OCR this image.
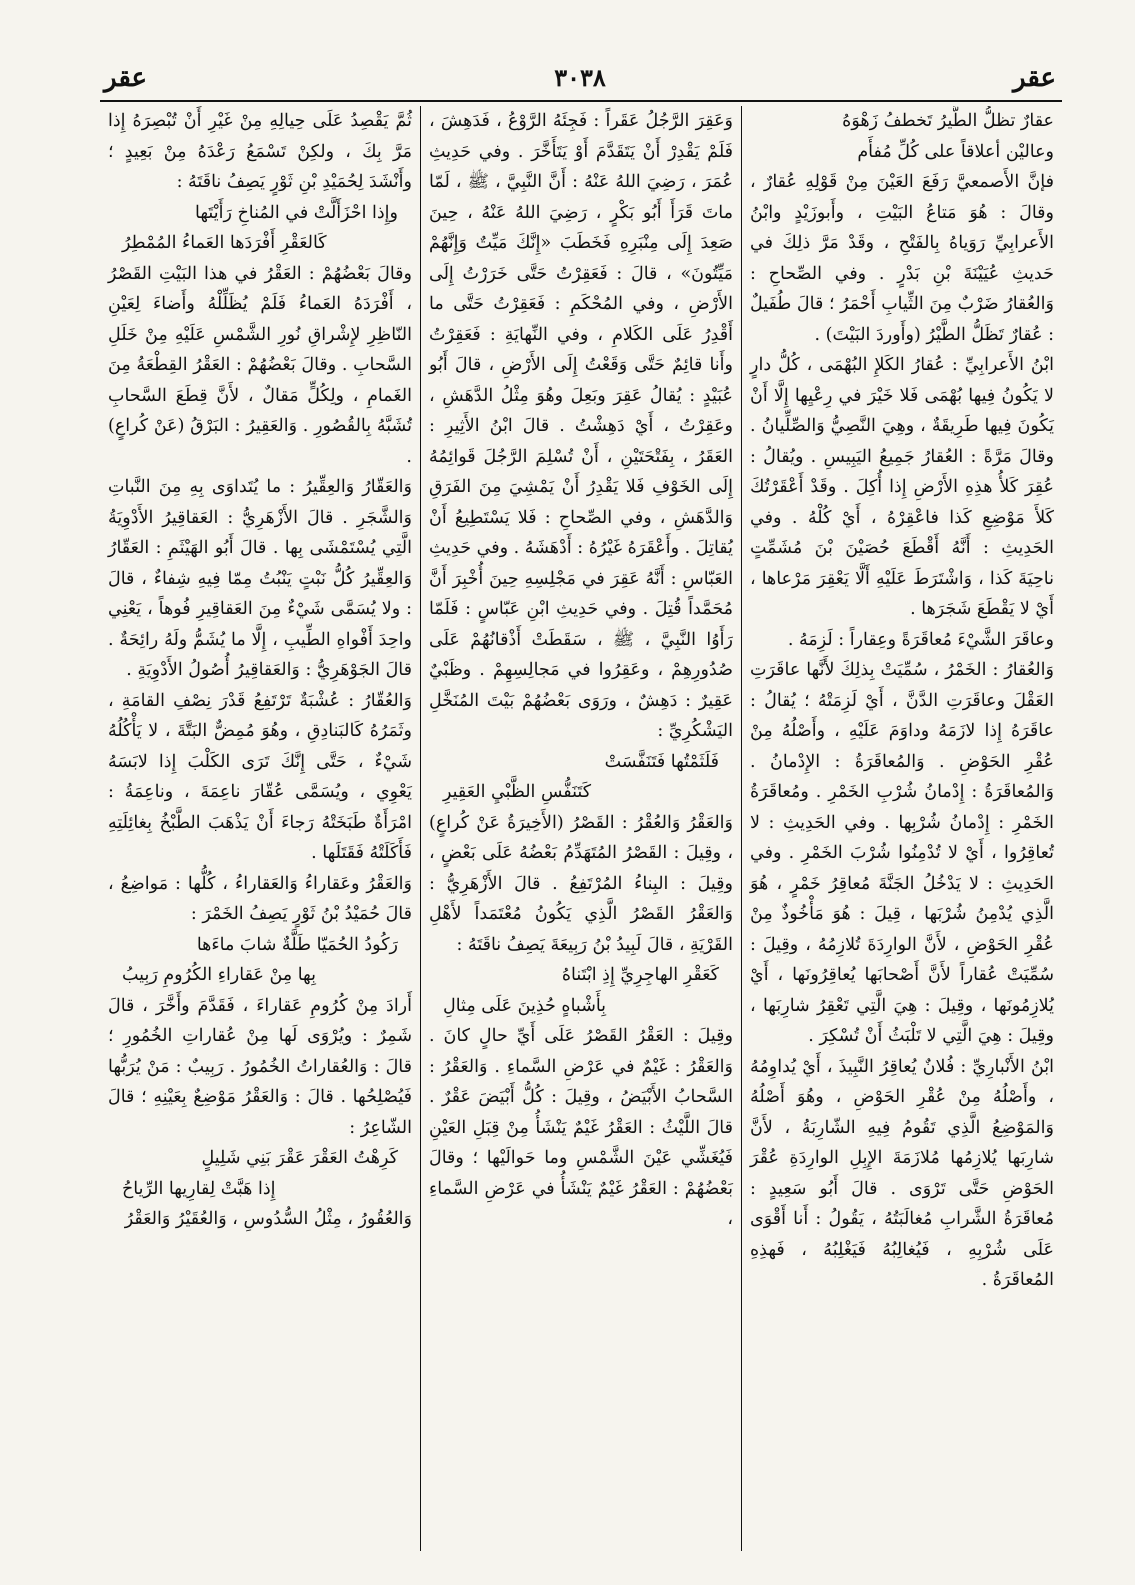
عقر
٣٠٣٨
عقر

عقارٌ تظلُّ الطَّيرُ تَخطفُ زَهْوَهُ

وعاليْن أعلاقاً على كُلِّ مُفأَم

فإنَّ الأَصمعيَّ رَفَعَ العَيْنَ مِنْ قَوْلِهِ عُقارٌ ، وقالَ : هُوَ مَتاعُ البَيْتِ ، وأَبوزَيْدٍ وابْنُ الأَعرابِيِّ رَوَياهُ بِالفَتْحِ ، وقَدْ مَرَّ ذلِكَ في حَديثِ عُيَيْنَةَ بْنِ بَدْرٍ . وفي الصِّحاحِ : وَالعُقارُ ضَرْبٌ مِنَ الثِّيابِ أَحْمَرُ ؛ قالَ طُفَيلٌ : عُقارٌ تَظَلُّ الطَّيْرُ (وأَوردَ البَيْتَ) .

ابْنُ الأَعرابِيِّ : عُقارُ الكَلإِ البُهْمَى ، كُلُّ دارٍ لا يَكُونُ فِيها بُهْمَى فَلا خَيْرَ في رِعْيِها إِلَّا أَنْ يَكُونَ فِيها طَرِيقَةٌ ، وهِيَ النَّصِيُّ وَالصِّلِّيانُ . وقالَ مَرَّةً : العُقارُ جَمِيعُ اليَبِيسِ . ويُقالُ : عُقِرَ كَلأُ هذِهِ الأَرْضِ إِذا أُكِلَ . وقَدْ أَعْقَرْتُكَ كَلأَ مَوْضِعِ كَذا فاعْقِرْهُ ، أَيْ كُلْهُ . وفي الحَدِيثِ : أَنَّهُ أَقْطَعَ حُصَيْنَ بْنَ مُشَمِّتٍ ناحِيَةَ كَذا ، وَاشْتَرَطَ عَلَيْهِ أَلَّا يَعْقِرَ مَرْعاها ، أَيْ لا يَقْطَعَ شَجَرَها .

وعاقَرَ الشَّيْءَ مُعاقَرَةً وعِقاراً : لَزِمَهُ .

وَالعُقارُ : الخَمْرُ ، سُمِّيَتْ بِذلِكَ لأَنَّها عاقَرَتِ العَقْلَ وعاقَرَتِ الدَّنَّ ، أَيْ لَزِمَتْهُ ؛ يُقالُ : عاقَرَهُ إِذا لازَمَهُ وداوَمَ عَلَيْهِ ، وأَصْلُهُ مِنْ عُقْرِ الحَوْضِ . وَالمُعاقَرَةُ : الإِدْمانُ . وَالمُعاقَرَةُ : إِدْمانُ شُرْبِ الخَمْرِ . ومُعاقَرَةُ الخَمْرِ : إِدْمانُ شُرْبِها . وفي الحَدِيثِ : لا تُعاقِرُوا ، أَيْ لا تُدْمِنُوا شُرْبَ الخَمْرِ . وفي الحَدِيثِ : لا يَدْخُلُ الجَنَّةَ مُعاقِرُ خَمْرٍ ، هُوَ الَّذِي يُدْمِنُ شُرْبَها ، قِيلَ : هُوَ مَأْخُوذٌ مِنْ عُقْرِ الحَوْضِ ، لأَنَّ الوارِدَةَ تُلازِمُهُ ، وقِيلَ : سُمِّيَتْ عُقاراً لأَنَّ أَصْحابَها يُعاقِرُونَها ، أَيْ يُلازِمُونَها ، وقِيلَ : هِيَ الَّتِي تَعْقِرُ شارِبَها ، وقِيلَ : هِيَ الَّتِي لا تَلْبَثُ أَنْ تُسْكِرَ .

ابْنُ الأَنْبارِيِّ : فُلانٌ يُعاقِرُ النَّبِيذَ ، أَيْ يُداوِمُهُ ، وأَصْلُهُ مِنْ عُقْرِ الحَوْضِ ، وهُوَ أَصْلُهُ وَالمَوْضِعُ الَّذِي تَقُومُ فِيهِ الشّارِبَةُ ، لأَنَّ شارِبَها يُلازِمُها مُلازَمَةَ الإِبِلِ الوارِدَةِ عُقْرَ الحَوْضِ حَتَّى تَرْوَى . قالَ أَبُو سَعِيدٍ : مُعاقَرَةُ الشَّرابِ مُغالَبَتُهُ ، يَقُولُ : أَنا أَقْوَى عَلَى شُرْبِهِ ، فَيُغالِبُهُ فَيَغْلِبُهُ ، فَهذِهِ المُعاقَرَةُ .

وَعَقِرَ الرَّجُلُ عَقَراً : فَجِئَهُ الرَّوْعُ ، فَدَهِشَ ، فَلَمْ يَقْدِرْ أَنْ يَتَقَدَّمَ أَوْ يَتَأَخَّرَ . وفي حَدِيثِ عُمَرَ ، رَضِيَ اللهُ عَنْهُ : أَنَّ النَّبِيَّ ، ﷺ ، لَمّا ماتَ قَرَأَ أَبُو بَكْرٍ ، رَضِيَ اللهُ عَنْهُ ، حِينَ صَعِدَ إِلَى مِنْبَرِهِ فَخَطَبَ «إِنَّكَ مَيِّتٌ وَإِنَّهُمْ مَيِّتُونَ» ، قالَ : فَعَقِرْتُ حَتَّى خَرَرْتُ إِلَى الأَرْضِ ، وفي المُحْكَمِ : فَعَقِرْتُ حَتَّى ما أَقْدِرُ عَلَى الكَلامِ ، وفي النِّهايَةِ : فَعَقِرْتُ وأَنا قائِمٌ حَتَّى وَقَعْتُ إِلَى الأَرْضِ ، قالَ أَبُو عُبَيْدٍ : يُقالُ عَقِرَ وبَعِلَ وهُوَ مِثْلُ الدَّهَشِ ، وعَقِرْتُ ، أَيْ دَهِشْتُ . قالَ ابْنُ الأَثِيرِ : العَقَرُ ، بِفَتْحَتَيْنِ ، أَنْ تُسْلِمَ الرَّجُلَ قَوائِمُهُ إِلَى الخَوْفِ فَلا يَقْدِرُ أَنْ يَمْشِيَ مِنَ الفَرَقِ وَالدَّهَشِ ، وفي الصِّحاحِ : فَلا يَسْتَطِيعُ أَنْ يُقاتِلَ . وأَعْقَرَهُ غَيْرُهُ : أَدْهَشَهُ . وفي حَدِيثِ العَبّاسِ : أَنَّهُ عَقِرَ في مَجْلِسِهِ حِينَ أُخْبِرَ أَنَّ مُحَمَّداً قُتِلَ . وفي حَدِيثِ ابْنِ عَبّاسٍ : فَلَمّا رَأَوُا النَّبِيَّ ، ﷺ ، سَقَطَتْ أَذْقانُهُمْ عَلَى صُدُورِهِمْ ، وعَقِرُوا في مَجالِسِهِمْ . وظَبْيٌ عَقِيرٌ : دَهِشٌ ، ورَوَى بَعْضُهُمْ بَيْتَ المُنَخَّلِ اليَشْكُرِيِّ :

فَلَثَمْتُها فَتَنَفَّسَتْ
كَتَنَفُّسِ الظَّبْيِ العَقِيرِ

وَالعَقْرُ وَالعُقْرُ : القَصْرُ (الأَخِيرَةُ عَنْ كُراعٍ) ، وقِيلَ : القَصْرُ المُتَهَدِّمُ بَعْضُهُ عَلَى بَعْضٍ ، وقِيلَ : البِناءُ المُرْتَفِعُ . قالَ الأَزْهَرِيُّ : وَالعَقْرُ القَصْرُ الَّذِي يَكُونُ مُعْتَمَداً لأَهْلِ القَرْيَةِ ، قالَ لَبِيدُ بْنُ رَبِيعَةَ يَصِفُ ناقَتَهُ :

كَعَقْرِ الهاجِرِيِّ إِذِ ابْتَناهُ
بِأَشْباهٍ حُذِينَ عَلَى مِثالِ

وقِيلَ : العَقْرُ القَصْرُ عَلَى أَيِّ حالٍ كانَ . وَالعَقْرُ : غَيْمٌ في عَرْضِ السَّماءِ . وَالعَقْرُ : السَّحابُ الأَبْيَضُ ، وقِيلَ : كُلُّ أَبْيَضَ عَقْرٌ . قالَ اللَّيْثُ : العَقْرُ غَيْمٌ يَنْشَأُ مِنْ قِبَلِ العَيْنِ فَيُغَشِّي عَيْنَ الشَّمْسِ وما حَوالَيْها ؛ وقالَ بَعْضُهُمْ : العَقْرُ غَيْمٌ يَنْشَأُ في عَرْضِ السَّماءِ ،

ثُمَّ يَقْصِدُ عَلَى حِيالِهِ مِنْ غَيْرِ أَنْ تُبْصِرَهُ إِذا مَرَّ بِكَ ، ولكِنْ تَسْمَعُ رَعْدَهُ مِنْ بَعِيدٍ ؛ وأَنْشَدَ لِحُمَيْدِ بْنِ ثَوْرٍ يَصِفُ ناقَتَهُ :

وإِذا احْزَأَلَّتْ في المُناخِ رَأَيْتَها
كَالعَقْرِ أَفْرَدَها العَماءُ المُمْطِرُ

وقالَ بَعْضُهُمْ : العَقْرُ في هذا البَيْتِ القَصْرُ ، أَفْرَدَهُ العَماءُ فَلَمْ يُظَلِّلْهُ وأَضاءَ لِعَيْنِ النّاظِرِ لإِشْراقِ نُورِ الشَّمْسِ عَلَيْهِ مِنْ خَلَلِ السَّحابِ . وقالَ بَعْضُهُمْ : العَقْرُ القِطْعَةُ مِنَ الغَمامِ ، ولِكُلٍّ مَقالٌ ، لأَنَّ قِطَعَ السَّحابِ تُشَبَّهُ بِالقُصُورِ . وَالعَقِيرُ : البَرْقُ (عَنْ كُراعٍ) .

وَالعَقّارُ وَالعِقِّيرُ : ما يُتَداوَى بِهِ مِنَ النَّباتِ وَالشَّجَرِ . قالَ الأَزْهَرِيُّ : العَقاقِيرُ الأَدْوِيَةُ الَّتِي يُسْتَمْشَى بِها . قالَ أَبُو الهَيْثَمِ : العَقّارُ وَالعِقِّيرُ كُلُّ نَبْتٍ يَنْبُتُ مِمّا فِيهِ شِفاءٌ ، قالَ : ولا يُسَمَّى شَيْءٌ مِنَ العَقاقِيرِ فُوهاً ، يَعْنِي واحِدَ أَفْواهِ الطِّيبِ ، إِلَّا ما يُشَمُّ ولَهُ رائِحَةٌ . قالَ الجَوْهَرِيُّ : وَالعَقاقِيرُ أُصُولُ الأَدْوِيَةِ .

وَالعُقّارُ : عُشْبَةٌ تَرْتَفِعُ قَدْرَ نِصْفِ القامَةِ ، وثَمَرُهُ كَالبَنادِقِ ، وهُوَ مُمِضٌّ البَتَّةَ ، لا يَأْكُلُهُ شَيْءٌ ، حَتَّى إِنَّكَ تَرَى الكَلْبَ إِذا لابَسَهُ يَعْوِي ، ويُسَمَّى عُقّارَ ناعِمَةَ ، وناعِمَةُ : امْرَأَةٌ طَبَخَتْهُ رَجاءَ أَنْ يَذْهَبَ الطَّبْخُ بِغائِلَتِهِ فَأَكَلَتْهُ فَقَتَلَها .

وَالعَقْرُ وعَقاراءُ وَالعَقاراءُ ، كُلُّها : مَواضِعُ ، قالَ حُمَيْدُ بْنُ ثَوْرٍ يَصِفُ الخَمْرَ :

رَكُودُ الحُمَيّا طَلَّةٌ شابَ ماءَها
بِها مِنْ عَقاراءِ الكُرُومِ رَبِيبُ

أَرادَ مِنْ كُرُومِ عَقاراءَ ، فَقَدَّمَ وأَخَّرَ ، قالَ شَمِرٌ : ويُرْوَى لَها مِنْ عُقاراتِ الخُمُورِ ؛ قالَ : وَالعُقاراتُ الخُمُورُ . رَبِيبٌ : مَنْ يُرَبُّها فَيُصْلِحُها . قالَ : وَالعَقْرُ مَوْضِعٌ بِعَيْنِهِ ؛ قالَ الشّاعِرُ :

كَرِهْتُ العَقْرَ عَقْرَ بَنِي شَلِيلٍ
إِذا هَبَّتْ لِقارِيها الرِّياحُ

وَالعُقُورُ ، مِثْلُ السُّدُوسِ ، وَالعُقَيْرُ وَالعَقْرُ
